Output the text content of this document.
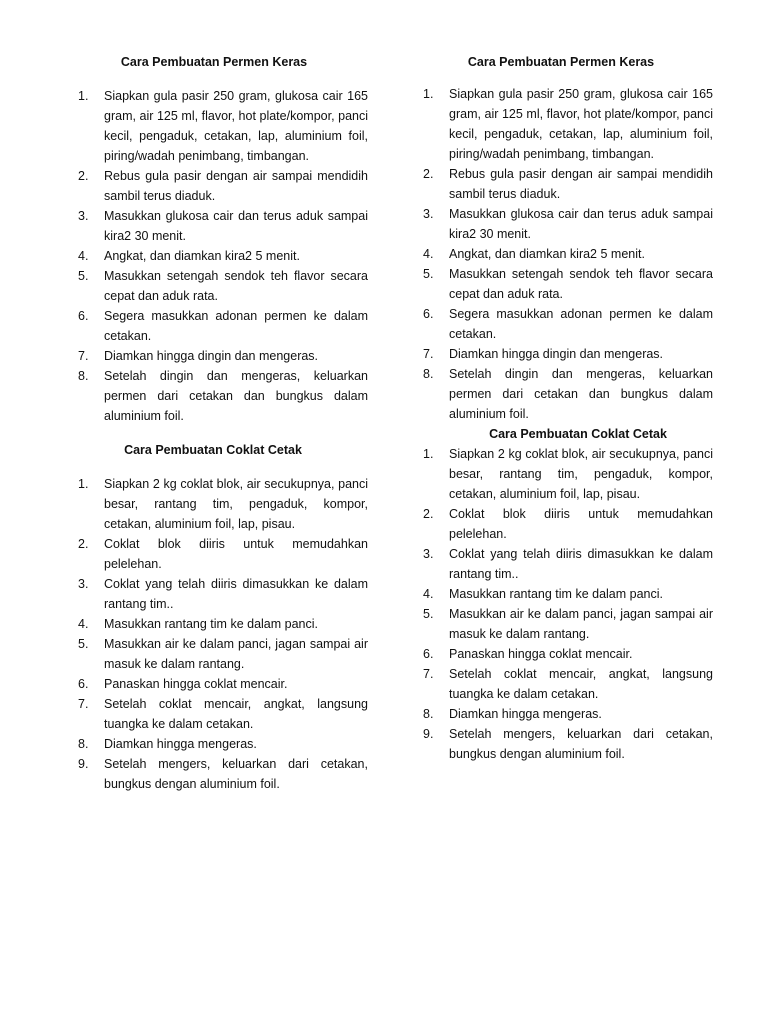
Cara Pembuatan Permen Keras
1.	Siapkan gula pasir 250 gram, glukosa cair 165 gram, air 125 ml, flavor, hot plate/kompor, panci kecil, pengaduk, cetakan, lap, aluminium foil, piring/wadah penimbang, timbangan.
2.	Rebus gula pasir dengan air sampai mendidih sambil terus diaduk.
3.	Masukkan glukosa cair dan terus aduk sampai kira2 30 menit.
4.	Angkat, dan diamkan kira2 5 menit.
5.	Masukkan setengah sendok teh flavor secara cepat dan aduk rata.
6.	Segera masukkan adonan permen ke dalam cetakan.
7.	Diamkan hingga dingin dan mengeras.
8.	Setelah dingin dan mengeras, keluarkan permen dari cetakan dan bungkus dalam aluminium foil.
Cara Pembuatan Coklat Cetak
1.	Siapkan 2 kg coklat blok, air secukupnya, panci besar, rantang tim, pengaduk, kompor, cetakan, aluminium foil, lap, pisau.
2.	Coklat blok diiris untuk memudahkan pelelehan.
3.	Coklat yang telah diiris dimasukkan ke dalam rantang tim..
4.	Masukkan rantang tim ke dalam panci.
5.	Masukkan air ke dalam panci, jagan sampai air masuk ke dalam rantang.
6.	Panaskan hingga coklat mencair.
7.	Setelah coklat mencair, angkat, langsung tuangka ke dalam cetakan.
8.	Diamkan hingga mengeras.
9.	Setelah mengers, keluarkan dari cetakan, bungkus dengan aluminium foil.
Cara Pembuatan Permen Keras
1.	Siapkan gula pasir 250 gram, glukosa cair 165 gram, air 125 ml, flavor, hot plate/kompor, panci kecil, pengaduk, cetakan, lap, aluminium foil, piring/wadah penimbang, timbangan.
2.	Rebus gula pasir dengan air sampai mendidih sambil terus diaduk.
3.	Masukkan glukosa cair dan terus aduk sampai kira2 30 menit.
4.	Angkat, dan diamkan kira2 5 menit.
5.	Masukkan setengah sendok teh flavor secara cepat dan aduk rata.
6.	Segera masukkan adonan permen ke dalam cetakan.
7.	Diamkan hingga dingin dan mengeras.
8.	Setelah dingin dan mengeras, keluarkan permen dari cetakan dan bungkus dalam aluminium foil.
Cara Pembuatan Coklat Cetak
1.	Siapkan 2 kg coklat blok, air secukupnya, panci besar, rantang tim, pengaduk, kompor, cetakan, aluminium foil, lap, pisau.
2.	Coklat blok diiris untuk memudahkan pelelehan.
3.	Coklat yang telah diiris dimasukkan ke dalam rantang tim..
4.	Masukkan rantang tim ke dalam panci.
5.	Masukkan air ke dalam panci, jagan sampai air masuk ke dalam rantang.
6.	Panaskan hingga coklat mencair.
7.	Setelah coklat mencair, angkat, langsung tuangka ke dalam cetakan.
8.	Diamkan hingga mengeras.
9.	Setelah mengers, keluarkan dari cetakan, bungkus dengan aluminium foil.
